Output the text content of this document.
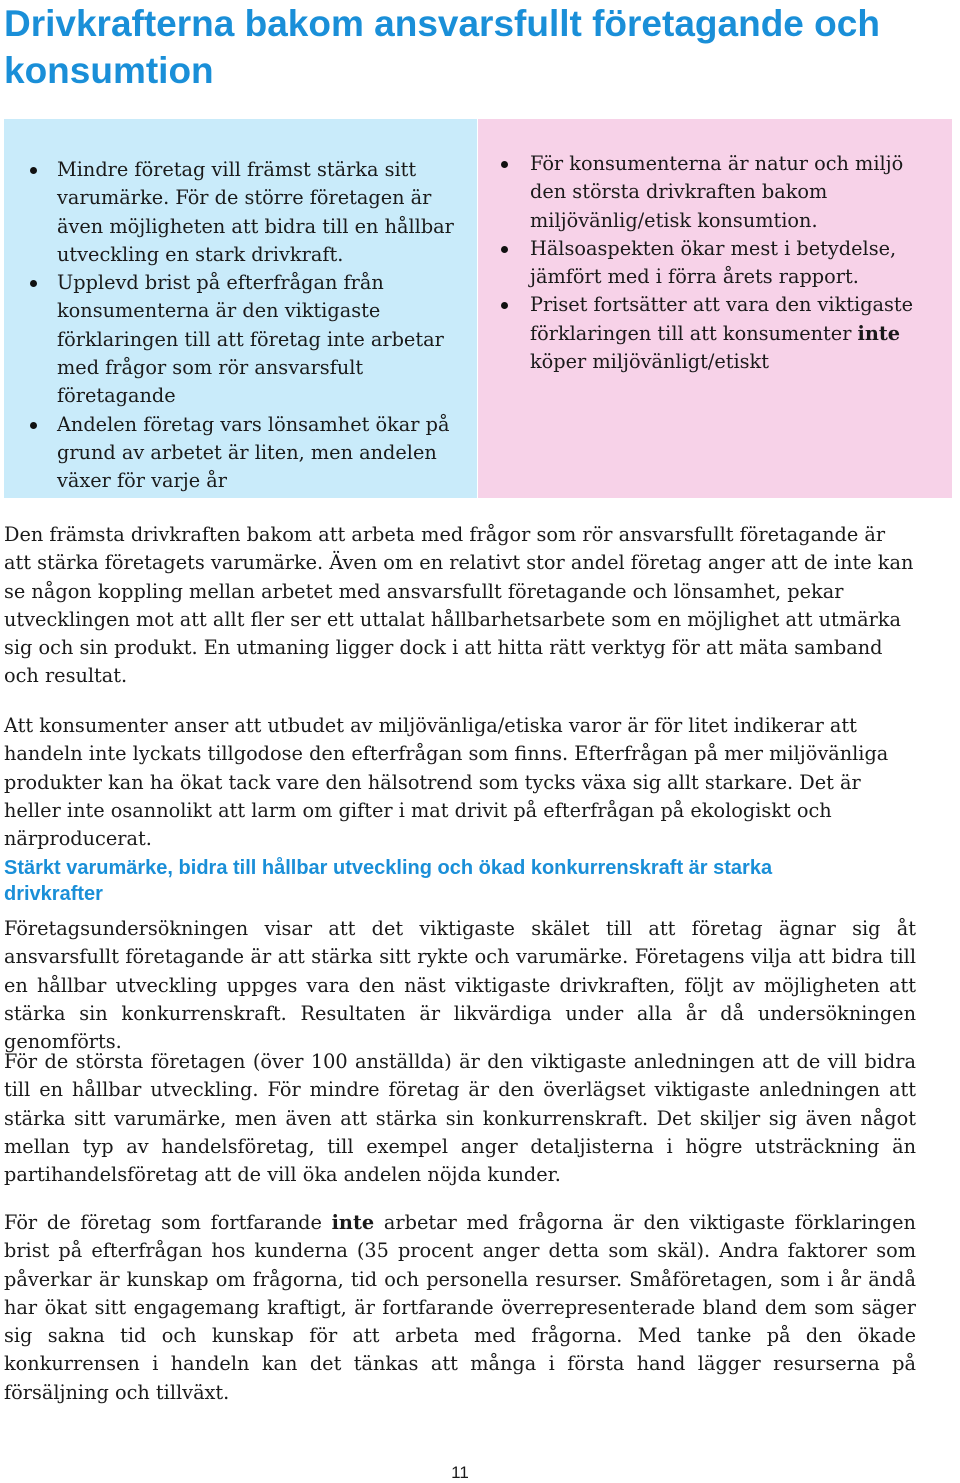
Drivkrafterna bakom ansvarsfullt företagande och konsumtion
Mindre företag vill främst stärka sitt varumärke. För de större företagen är även möjligheten att bidra till en hållbar utveckling en stark drivkraft.
Upplevd brist på efterfrågan från konsumenterna är den viktigaste förklaringen till att företag inte arbetar med frågor som rör ansvarsfult företagande
Andelen företag vars lönsamhet ökar på grund av arbetet är liten, men andelen växer för varje år
För konsumenterna är natur och miljö den största drivkraften bakom miljövänlig/etisk konsumtion.
Hälsoaspekten ökar mest i betydelse, jämfört med i förra årets rapport.
Priset fortsätter att vara den viktigaste förklaringen till att konsumenter inte köper miljövänligt/etiskt

Den främsta drivkraften bakom att arbeta med frågor som rör ansvarsfullt företagande är att stärka företagets varumärke. Även om en relativt stor andel företag anger att de inte kan se någon koppling mellan arbetet med ansvarsfullt företagande och lönsamhet, pekar utvecklingen mot att allt fler ser ett uttalat hållbarhetsarbete som en möjlighet att utmärka sig och sin produkt. En utmaning ligger dock i att hitta rätt verktyg för att mäta samband och resultat.

Att konsumenter anser att utbudet av miljövänliga/etiska varor är för litet indikerar att handeln inte lyckats tillgodose den efterfrågan som finns. Efterfrågan på mer miljövänliga produkter kan ha ökat tack vare den hälsotrend som tycks växa sig allt starkare. Det är heller inte osannolikt att larm om gifter i mat drivit på efterfrågan på ekologiskt och närproducerat.

Stärkt varumärke, bidra till hållbar utveckling och ökad konkurrenskraft är starka drivkrafter

Företagsundersökningen visar att det viktigaste skälet till att företag ägnar sig åt ansvarsfullt företagande är att stärka sitt rykte och varumärke. Företagens vilja att bidra till en hållbar utveckling uppges vara den näst viktigaste drivkraften, följt av möjligheten att stärka sin konkurrenskraft. Resultaten är likvärdiga under alla år då undersökningen genomförts.

För de största företagen (över 100 anställda) är den viktigaste anledningen att de vill bidra till en hållbar utveckling. För mindre företag är den överlägset viktigaste anledningen att stärka sitt varumärke, men även att stärka sin konkurrenskraft. Det skiljer sig även något mellan typ av handelsföretag, till exempel anger detaljisterna i högre utsträckning än partihandelsföretag att de vill öka andelen nöjda kunder.

För de företag som fortfarande inte arbetar med frågorna är den viktigaste förklaringen brist på efterfrågan hos kunderna (35 procent anger detta som skäl). Andra faktorer som påverkar är kunskap om frågorna, tid och personella resurser. Småföretagen, som i år ändå har ökat sitt engagemang kraftigt, är fortfarande överrepresenterade bland dem som säger sig sakna tid och kunskap för att arbeta med frågorna. Med tanke på den ökade konkurrensen i handeln kan det tänkas att många i första hand lägger resurserna på försäljning och tillväxt.

11
